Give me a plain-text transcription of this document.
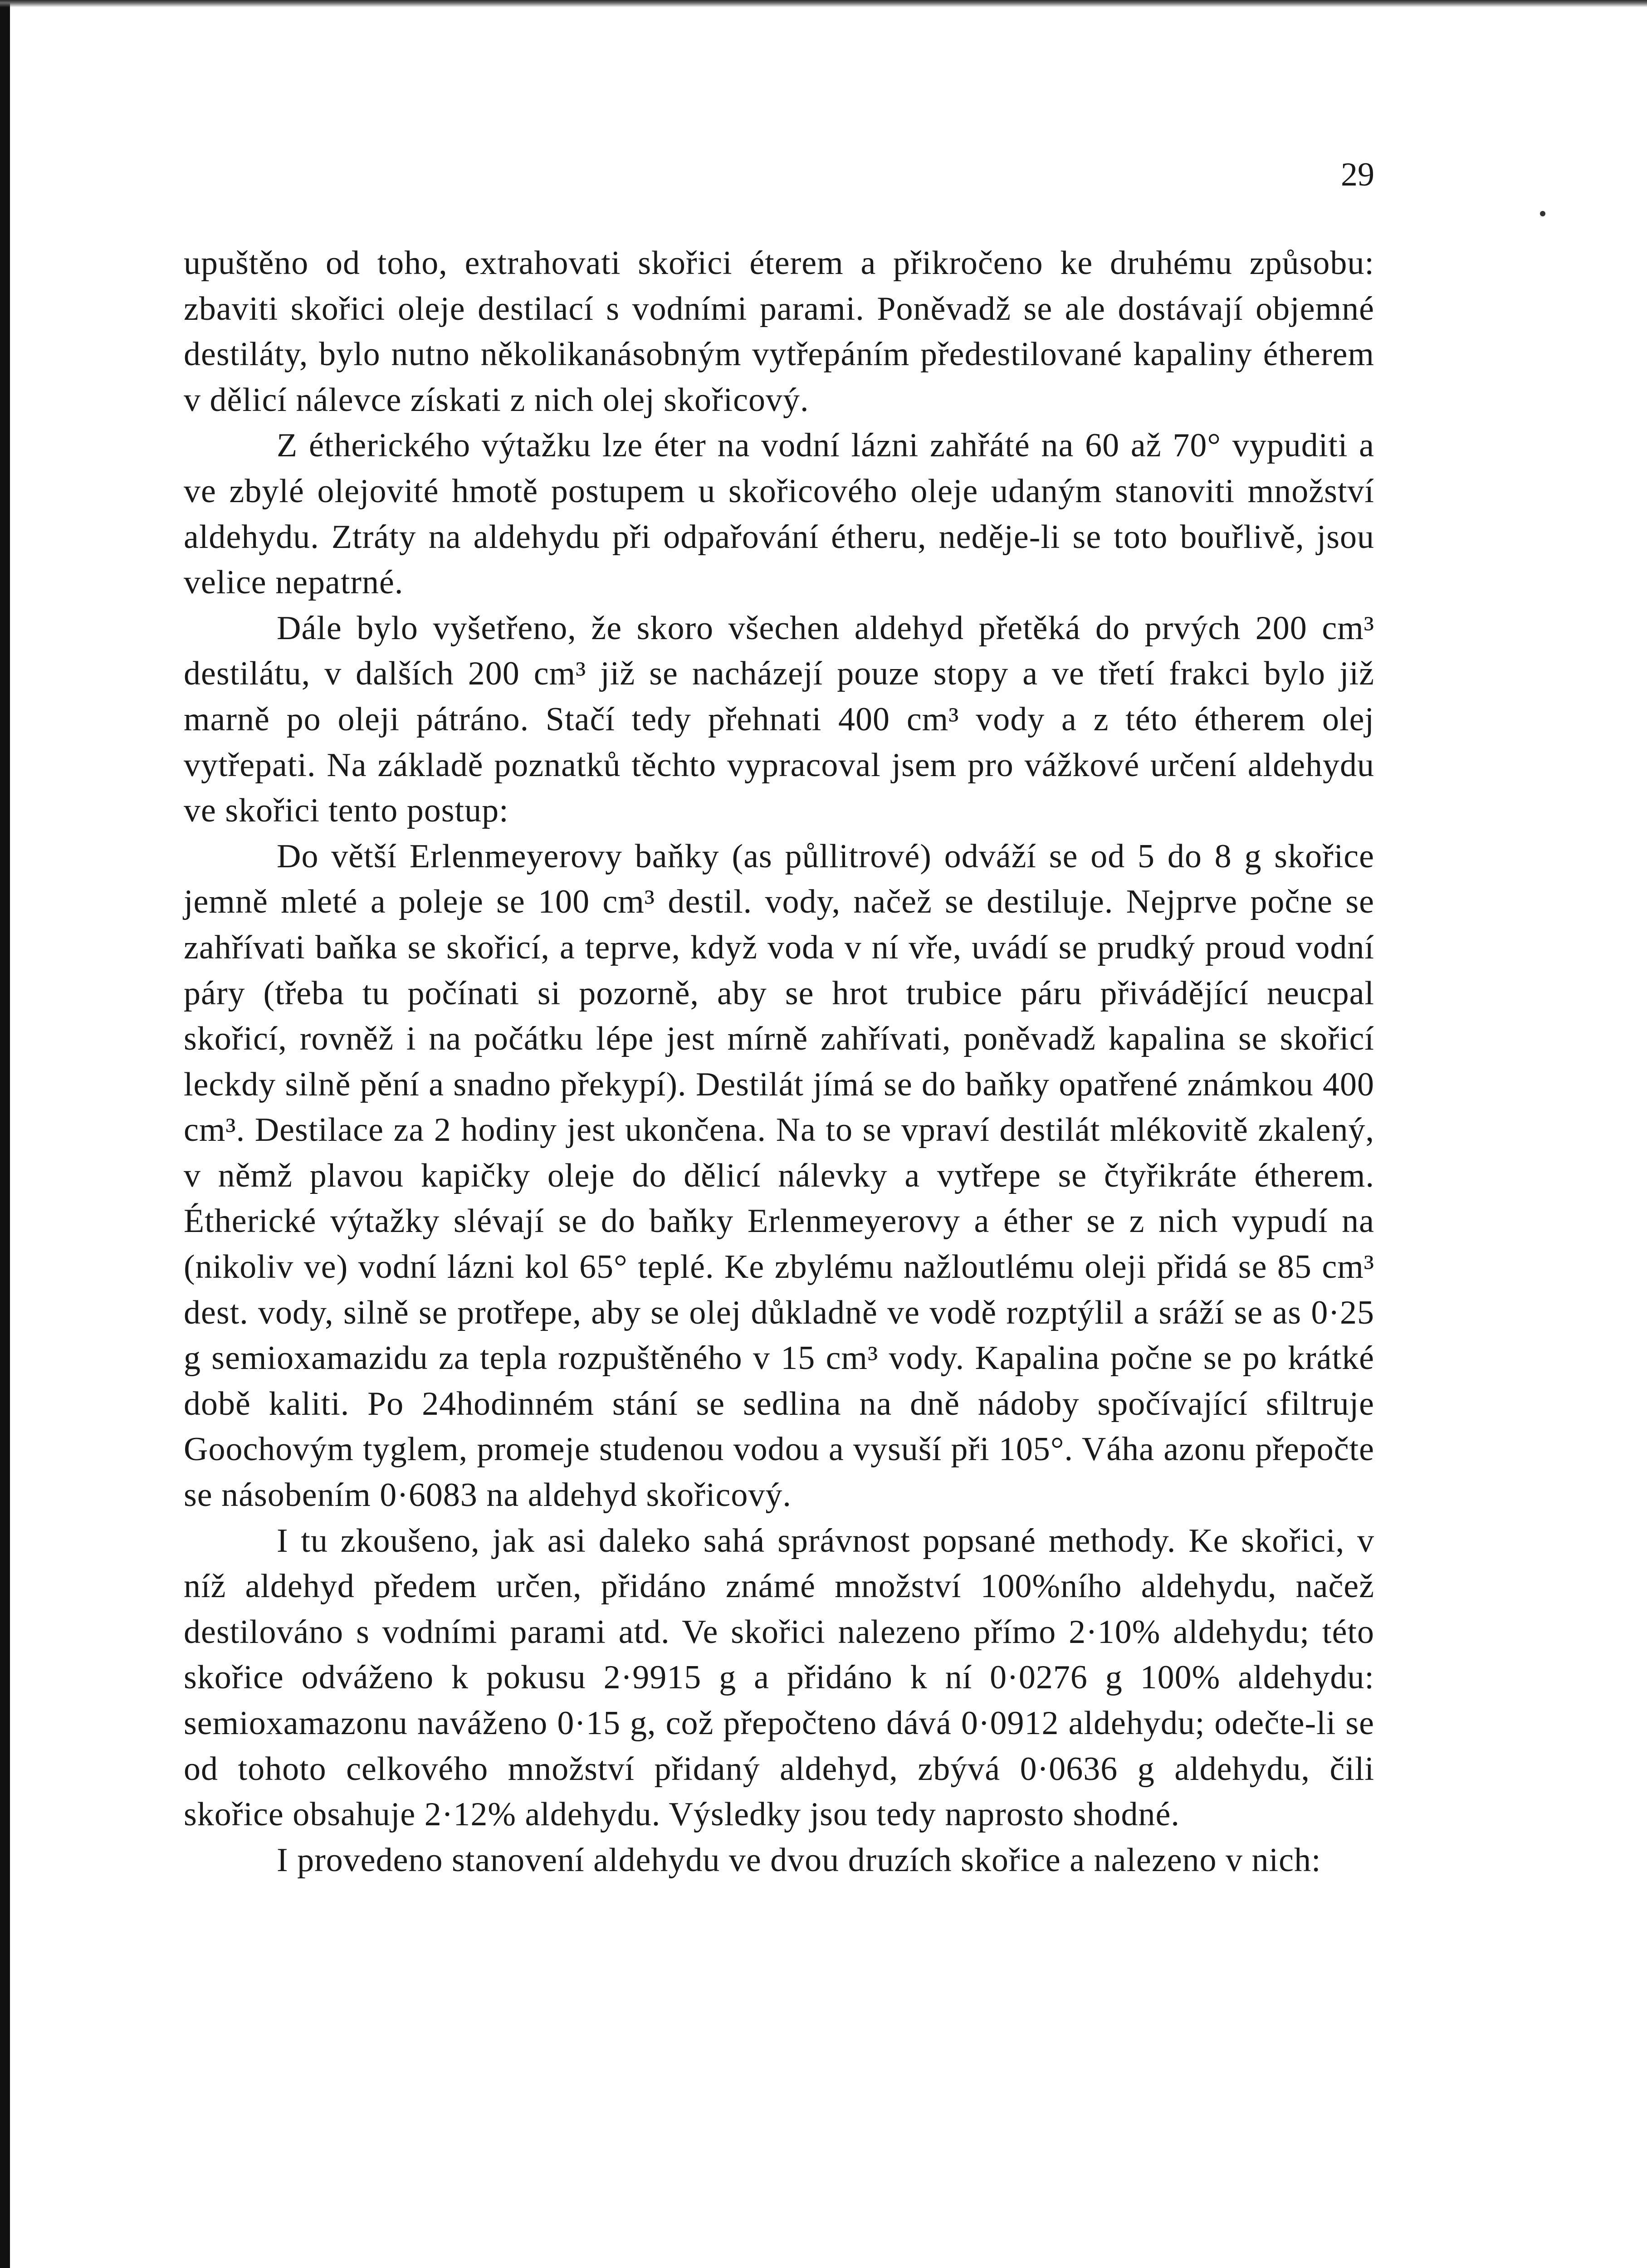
29

upuštěno od toho, extrahovati skořici éterem a přikročeno ke druhému způsobu: zbaviti skořici oleje destilací s vodními parami. Poněvadž se ale dostávají objemné destiláty, bylo nutno několikanásobným vytřepáním předestilované kapaliny étherem v dělicí nálevce získati z nich olej skořicový.

Z étherického výtažku lze éter na vodní lázni zahřáté na 60 až 70° vypuditi a ve zbylé olejovité hmotě postupem u skořicového oleje udaným stanoviti množství aldehydu. Ztráty na aldehydu při odpařování étheru, neděje-li se toto bouřlivě, jsou velice nepatrné.

Dále bylo vyšetřeno, že skoro všechen aldehyd přetěká do prvých 200 cm³ destilátu, v dalších 200 cm³ již se nacházejí pouze stopy a ve třetí frakci bylo již marně po oleji pátráno. Stačí tedy přehnati 400 cm³ vody a z této étherem olej vytřepati. Na základě poznatků těchto vypracoval jsem pro vážkové určení aldehydu ve skořici tento postup:

Do větší Erlenmeyerovy baňky (as půllitrové) odváží se od 5 do 8 g skořice jemně mleté a poleje se 100 cm³ destil. vody, načež se destiluje. Nejprve počne se zahřívati baňka se skořicí, a teprve, když voda v ní vře, uvádí se prudký proud vodní páry (třeba tu počínati si pozorně, aby se hrot trubice páru přivádějící neucpal skořicí, rovněž i na počátku lépe jest mírně zahřívati, poněvadž kapalina se skořicí leckdy silně pění a snadno překypí). Destilát jímá se do baňky opatřené známkou 400 cm³. Destilace za 2 hodiny jest ukončena. Na to se vpraví destilát mlékovitě zkalený, v němž plavou kapičky oleje do dělicí nálevky a vytřepe se čtyřikráte étherem. Étherické výtažky slévají se do baňky Erlenmeyerovy a éther se z nich vypudí na (nikoliv ve) vodní lázni kol 65° teplé. Ke zbylému nažloutlému oleji přidá se 85 cm³ dest. vody, silně se protřepe, aby se olej důkladně ve vodě rozptýlil a sráží se as 0·25 g semioxamazidu za tepla rozpuštěného v 15 cm³ vody. Kapalina počne se po krátké době kaliti. Po 24hodinném stání se sedlina na dně nádoby spočívající sfiltruje Goochovým tyglem, promeje studenou vodou a vysuší při 105°. Váha azonu přepočte se násobením 0·6083 na aldehyd skořicový.

I tu zkoušeno, jak asi daleko sahá správnost popsané methody. Ke skořici, v níž aldehyd předem určen, přidáno známé množství 100%ního aldehydu, načež destilováno s vodními parami atd. Ve skořici nalezeno přímo 2·10% aldehydu; této skořice odváženo k pokusu 2·9915 g a přidáno k ní 0·0276 g 100% aldehydu: semioxamazonu naváženo 0·15 g, což přepočteno dává 0·0912 aldehydu; odečte-li se od tohoto celkového množství přidaný aldehyd, zbývá 0·0636 g aldehydu, čili skořice obsahuje 2·12% aldehydu. Výsledky jsou tedy naprosto shodné.

I provedeno stanovení aldehydu ve dvou druzích skořice a nalezeno v nich:
